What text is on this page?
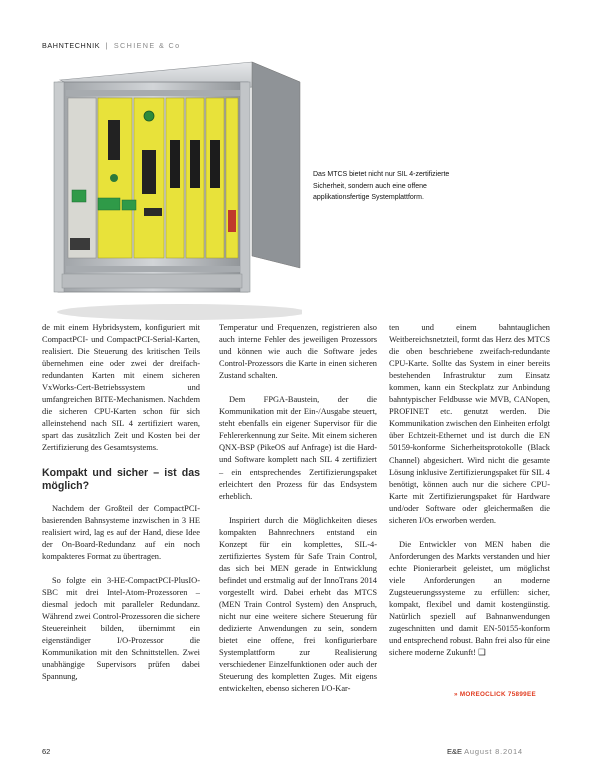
BAHNTECHNIK | SCHIENE & Co
Das MTCS bietet nicht nur SIL 4-zertifizierte Sicherheit, sondern auch eine offene applikationsfertige Systemplattform.

de mit einem Hybridsystem, konfiguriert mit CompactPCI- und CompactPCI-Serial-Karten, realisiert. Die Steuerung des kritischen Teils übernehmen eine oder zwei der dreifach-redundanten Karten mit einem sicheren VxWorks-Cert-Betriebssystem und umfangreichen BITE-Mechanismen. Nachdem die sicheren CPU-Karten schon für sich alleinstehend nach SIL 4 zertifiziert waren, spart das zusätzlich Zeit und Kosten bei der Zertifizierung des Gesamtsystems.

Kompakt und sicher – ist das möglich?

Nachdem der Großteil der CompactPCI-basierenden Bahnsysteme inzwischen in 3 HE realisiert wird, lag es auf der Hand, diese Idee der On-Board-Redundanz auf ein noch kompakteres Format zu übertragen.

So folgte ein 3-HE-CompactPCI-PlusIO-SBC mit drei Intel-Atom-Prozessoren – diesmal jedoch mit paralleler Redundanz. Während zwei Control-Prozessoren die sichere Steuereinheit bilden, übernimmt ein eigenständiger I/O-Prozessor die Kommunikation mit den Schnittstellen. Zwei unabhängige Supervisors prüfen dabei Spannung,

Temperatur und Frequenzen, registrieren also auch interne Fehler des jeweiligen Prozessors und können wie auch die Software jedes Control-Prozessors die Karte in einen sicheren Zustand schalten.

Dem FPGA-Baustein, der die Kommunikation mit der Ein-/Ausgabe steuert, steht ebenfalls ein eigener Supervisor für die Fehlererkennung zur Seite. Mit einem sicheren QNX-BSP (PikeOS auf Anfrage) ist die Hard- und Software komplett nach SIL 4 zertifiziert – ein entsprechendes Zertifizierungspaket erleichtert den Prozess für das Endsystem erheblich.

Inspiriert durch die Möglichkeiten dieses kompakten Bahnrechners entstand ein Konzept für ein komplettes, SIL-4-zertifiziertes System für Safe Train Control, das sich bei MEN gerade in Entwicklung befindet und erstmalig auf der InnoTrans 2014 vorgestellt wird. Dabei erhebt das MTCS (MEN Train Control System) den Anspruch, nicht nur eine weitere sichere Steuerung für dedizierte Anwendungen zu sein, sondern bietet eine offene, frei konfigurierbare Systemplattform zur Realisierung verschiedener Einzelfunktionen oder auch der Steuerung des kompletten Zuges. Mit eigens entwickelten, ebenso sicheren I/O-Kar-

ten und einem bahntauglichen Weitbereichsnetzteil, formt das Herz des MTCS die oben beschriebene zweifach-redundante CPU-Karte. Sollte das System in einer bereits bestehenden Infrastruktur zum Einsatz kommen, kann ein Steckplatz zur Anbindung bahntypischer Feldbusse wie MVB, CANopen, PROFINET etc. genutzt werden. Die Kommunikation zwischen den Einheiten erfolgt über Echtzeit-Ethernet und ist durch die EN 50159-konforme Sicherheitsprotokolle (Black Channel) abgesichert. Wird nicht die gesamte Lösung inklusive Zertifizierungspaket für SIL 4 benötigt, können auch nur die sichere CPU-Karte mit Zertifizierungspaket für Hardware und/oder Software oder gleichermaßen die sicheren I/Os erworben werden.

Die Entwickler von MEN haben die Anforderungen des Markts verstanden und hier echte Pionierarbeit geleistet, um möglichst viele Anforderungen an moderne Zugsteuerungssysteme zu erfüllen: sicher, kompakt, flexibel und damit kostengünstig. Natürlich speziell auf Bahnanwendungen zugeschnitten und damit EN-50155-konform und entsprechend robust. Bahn frei also für eine sichere moderne Zukunft! ❑

» MOREOCLICK 75899EE
62	E&E August 8.2014
